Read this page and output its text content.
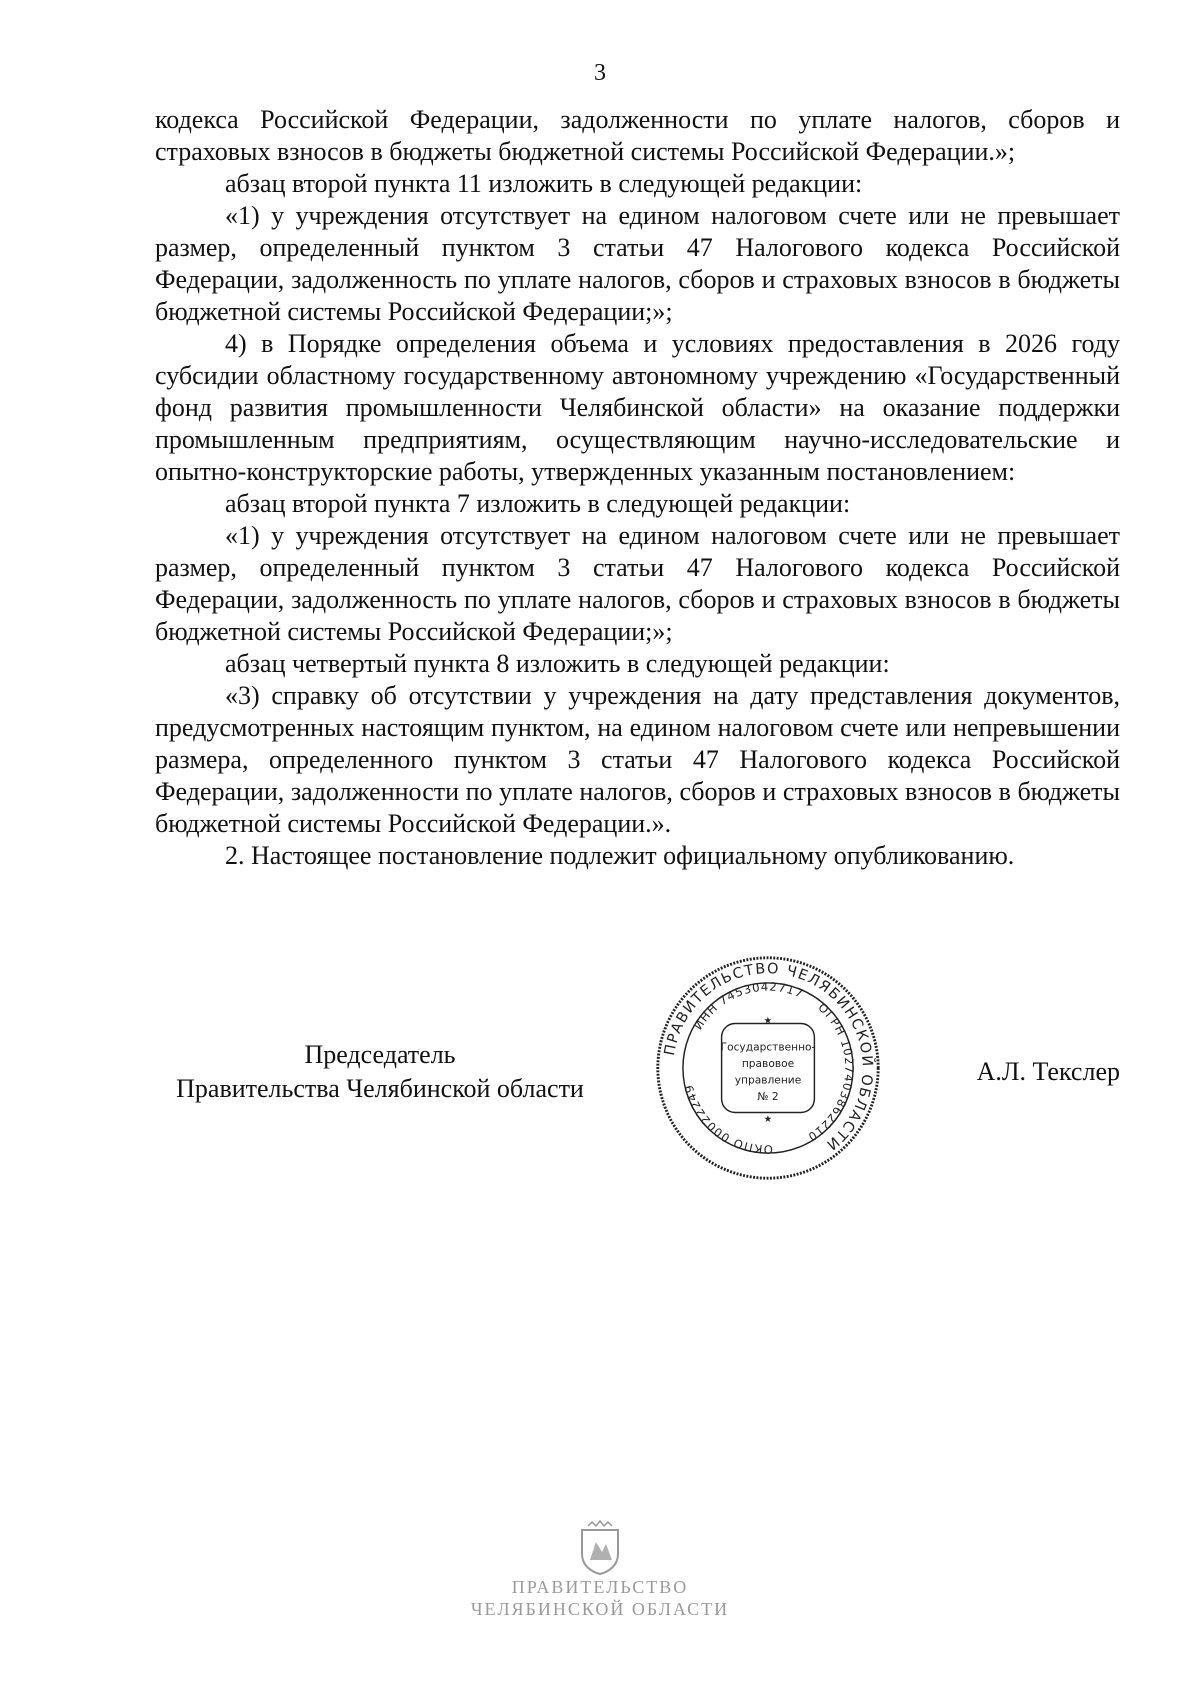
3

кодекса Российской Федерации, задолженности по уплате налогов, сборов и страховых взносов в бюджеты бюджетной системы Российской Федерации.»;

абзац второй пункта 11 изложить в следующей редакции:

«1) у учреждения отсутствует на едином налоговом счете или не превышает размер, определенный пунктом 3 статьи 47 Налогового кодекса Российской Федерации, задолженность по уплате налогов, сборов и страховых взносов в бюджеты бюджетной системы Российской Федерации;»;

4) в Порядке определения объема и условиях предоставления в 2026 году субсидии областному государственному автономному учреждению «Государственный фонд развития промышленности Челябинской области» на оказание поддержки промышленным предприятиям, осуществляющим научно-исследовательские и опытно-конструкторские работы, утвержденных указанным постановлением:

абзац второй пункта 7 изложить в следующей редакции:

«1) у учреждения отсутствует на едином налоговом счете или не превышает размер, определенный пунктом 3 статьи 47 Налогового кодекса Российской Федерации, задолженность по уплате налогов, сборов и страховых взносов в бюджеты бюджетной системы Российской Федерации;»;

абзац четвертый пункта 8 изложить в следующей редакции:

«3) справку об отсутствии у учреждения на дату представления документов, предусмотренных настоящим пунктом, на едином налоговом счете или непревышении размера, определенного пунктом 3 статьи 47 Налогового кодекса Российской Федерации, задолженности по уплате налогов, сборов и страховых взносов в бюджеты бюджетной системы Российской Федерации.».

2. Настоящее постановление подлежит официальному опубликованию.

Председатель
Правительства Челябинской области
А.Л. Текслер
ПРАВИТЕЛЬСТВО ЧЕЛЯБИНСКОЙ ОБЛАСТИ
ОГРН 1027403862210
ОКПО 00022249
ИНН 7453042717
Государственно-
правовое
управление
№ 2
★
★
ПРАВИТЕЛЬСТВО
ЧЕЛЯБИНСКОЙ ОБЛАСТИ
